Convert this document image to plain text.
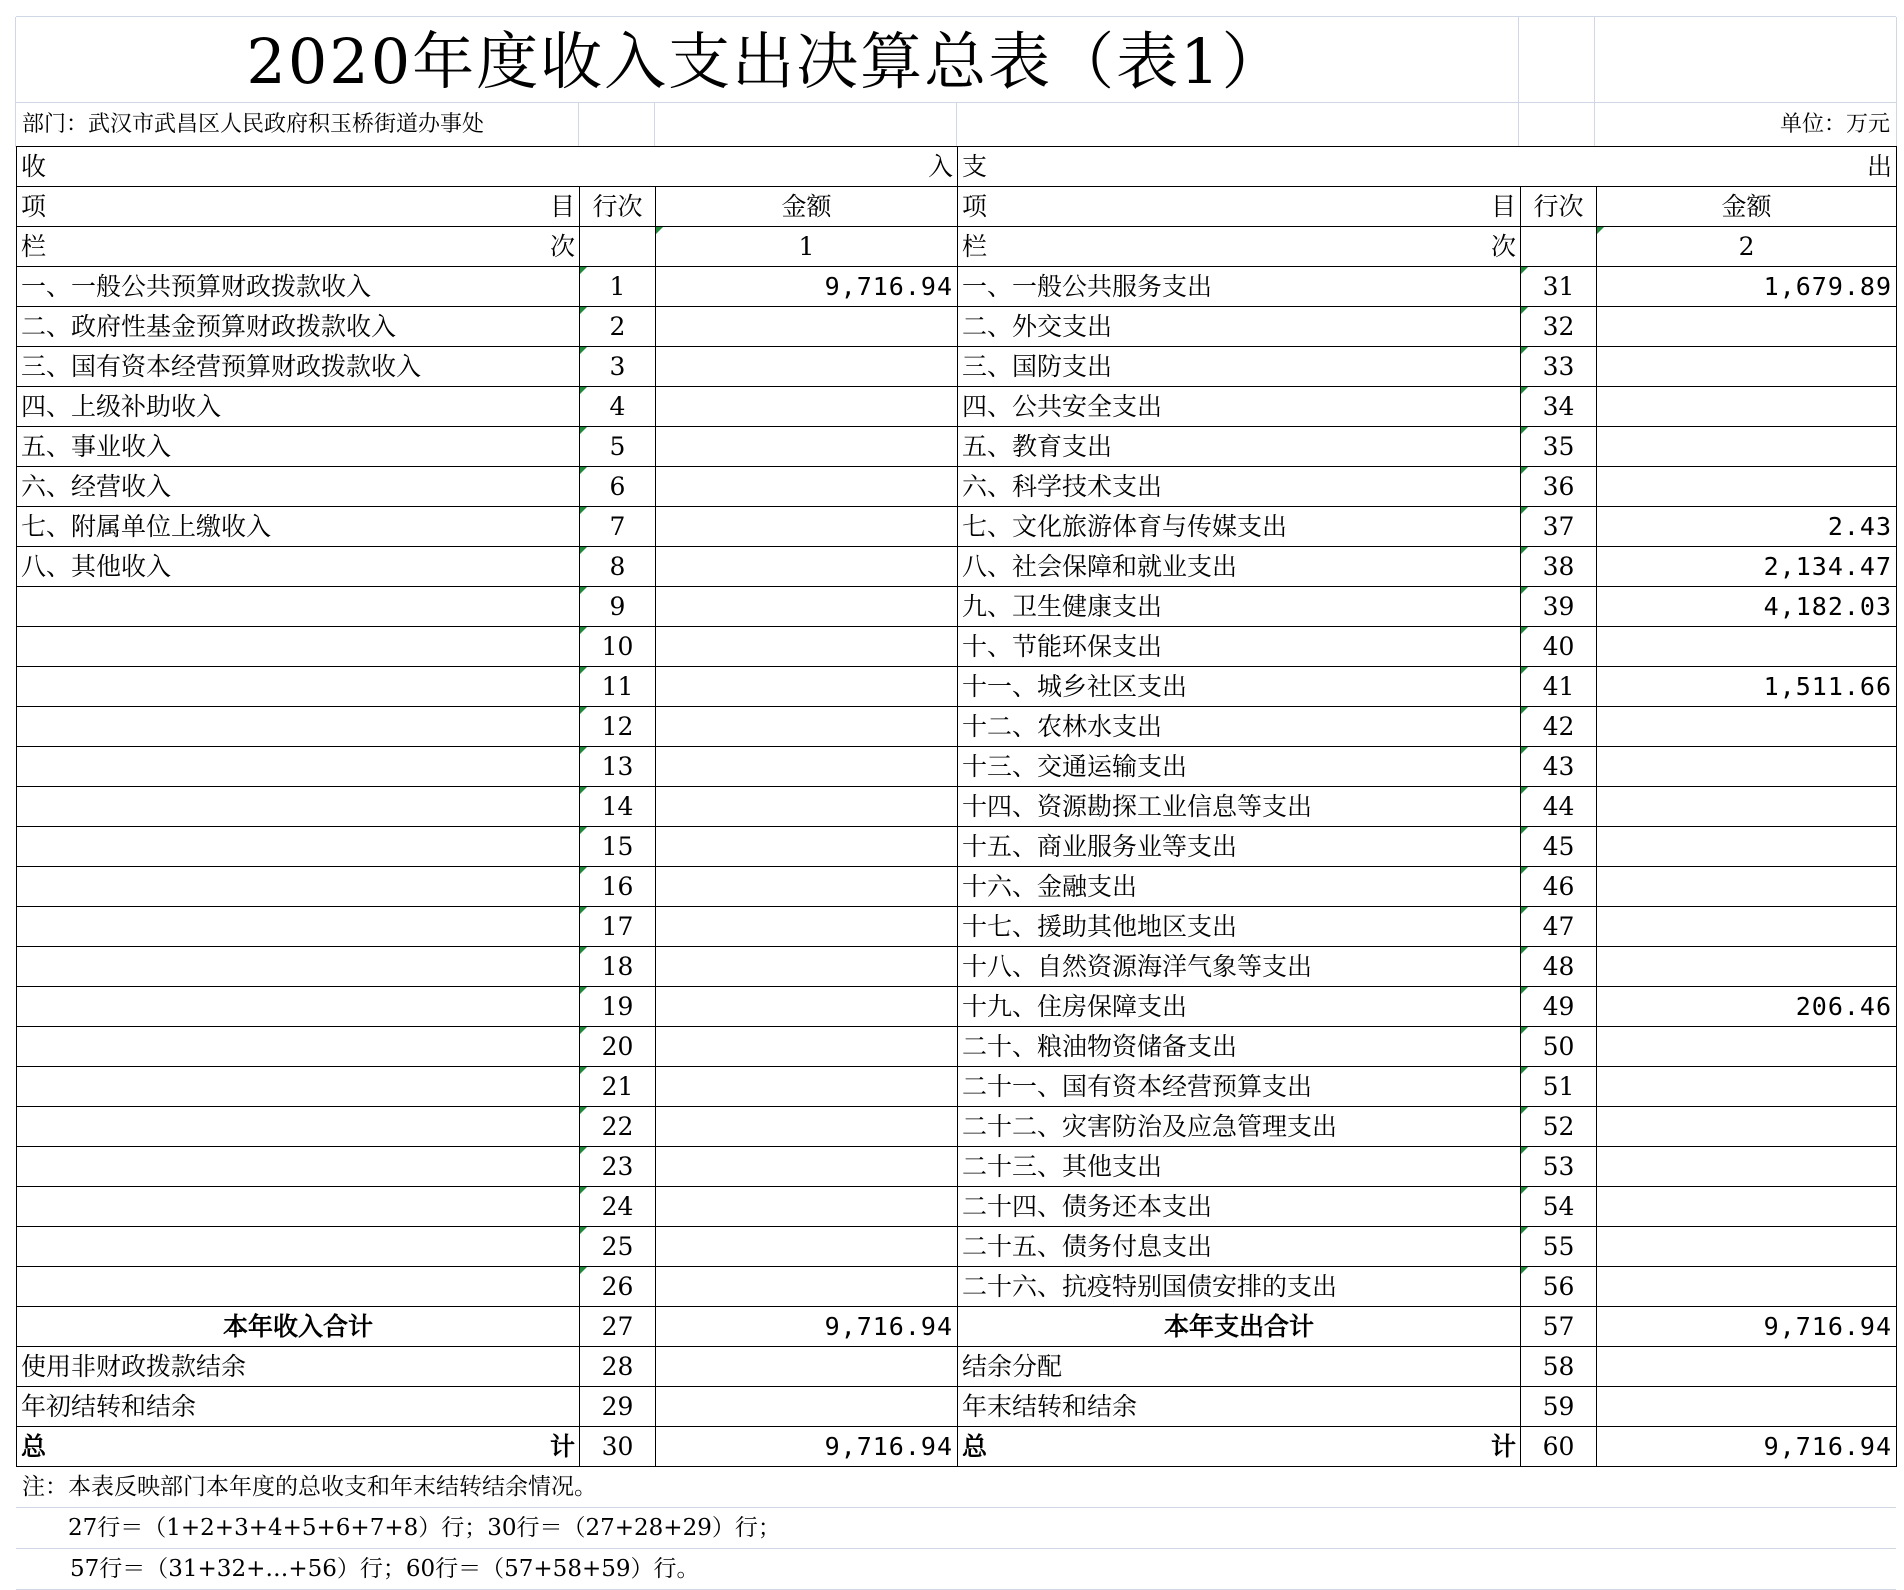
2020年度收入支出决算总表（表1）
部门：武汉市武昌区人民政府积玉桥街道办事处	单位：万元
收 入			支 出		

项 目	行次	金额	项 目	行次	金额

栏 次		1	栏 次		2
一、一般公共预算财政拨款收入	1	9,716.94	一、一般公共服务支出	31	1,679.89
二、政府性基金预算财政拨款收入	2		二、外交支出	32	
三、国有资本经营预算财政拨款收入	3		三、国防支出	33	
四、上级补助收入	4		四、公共安全支出	34	
五、事业收入	5		五、教育支出	35	
六、经营收入	6		六、科学技术支出	36	
七、附属单位上缴收入	7		七、文化旅游体育与传媒支出	37	2.43
八、其他收入	8		八、社会保障和就业支出	38	2,134.47
	9		九、卫生健康支出	39	4,182.03
	10		十、节能环保支出	40	
	11		十一、城乡社区支出	41	1,511.66
	12		十二、农林水支出	42	
	13		十三、交通运输支出	43	
	14		十四、资源勘探工业信息等支出	44	
	15		十五、商业服务业等支出	45	
	16		十六、金融支出	46	
	17		十七、援助其他地区支出	47	
	18		十八、自然资源海洋气象等支出	48	
	19		十九、住房保障支出	49	206.46
	20		二十、粮油物资储备支出	50	
	21		二十一、国有资本经营预算支出	51	
	22		二十二、灾害防治及应急管理支出	52	
	23		二十三、其他支出	53	
	24		二十四、债务还本支出	54	
	25		二十五、债务付息支出	55	
	26		二十六、抗疫特别国债安排的支出	56	
本年收入合计	27	9,716.94	本年支出合计	57	9,716.94
使用非财政拨款结余	28		结余分配	58	
年初结转和结余	29		年末结转和结余	59	

总 计	30	9,716.94	总 计	60	9,716.94
注：本表反映部门本年度的总收支和年末结转结余情况。
27行＝（1+2+3+4+5+6+7+8）行；30行＝（27+28+29）行；
57行＝（31+32+…+56）行；60行＝（57+58+59）行。
